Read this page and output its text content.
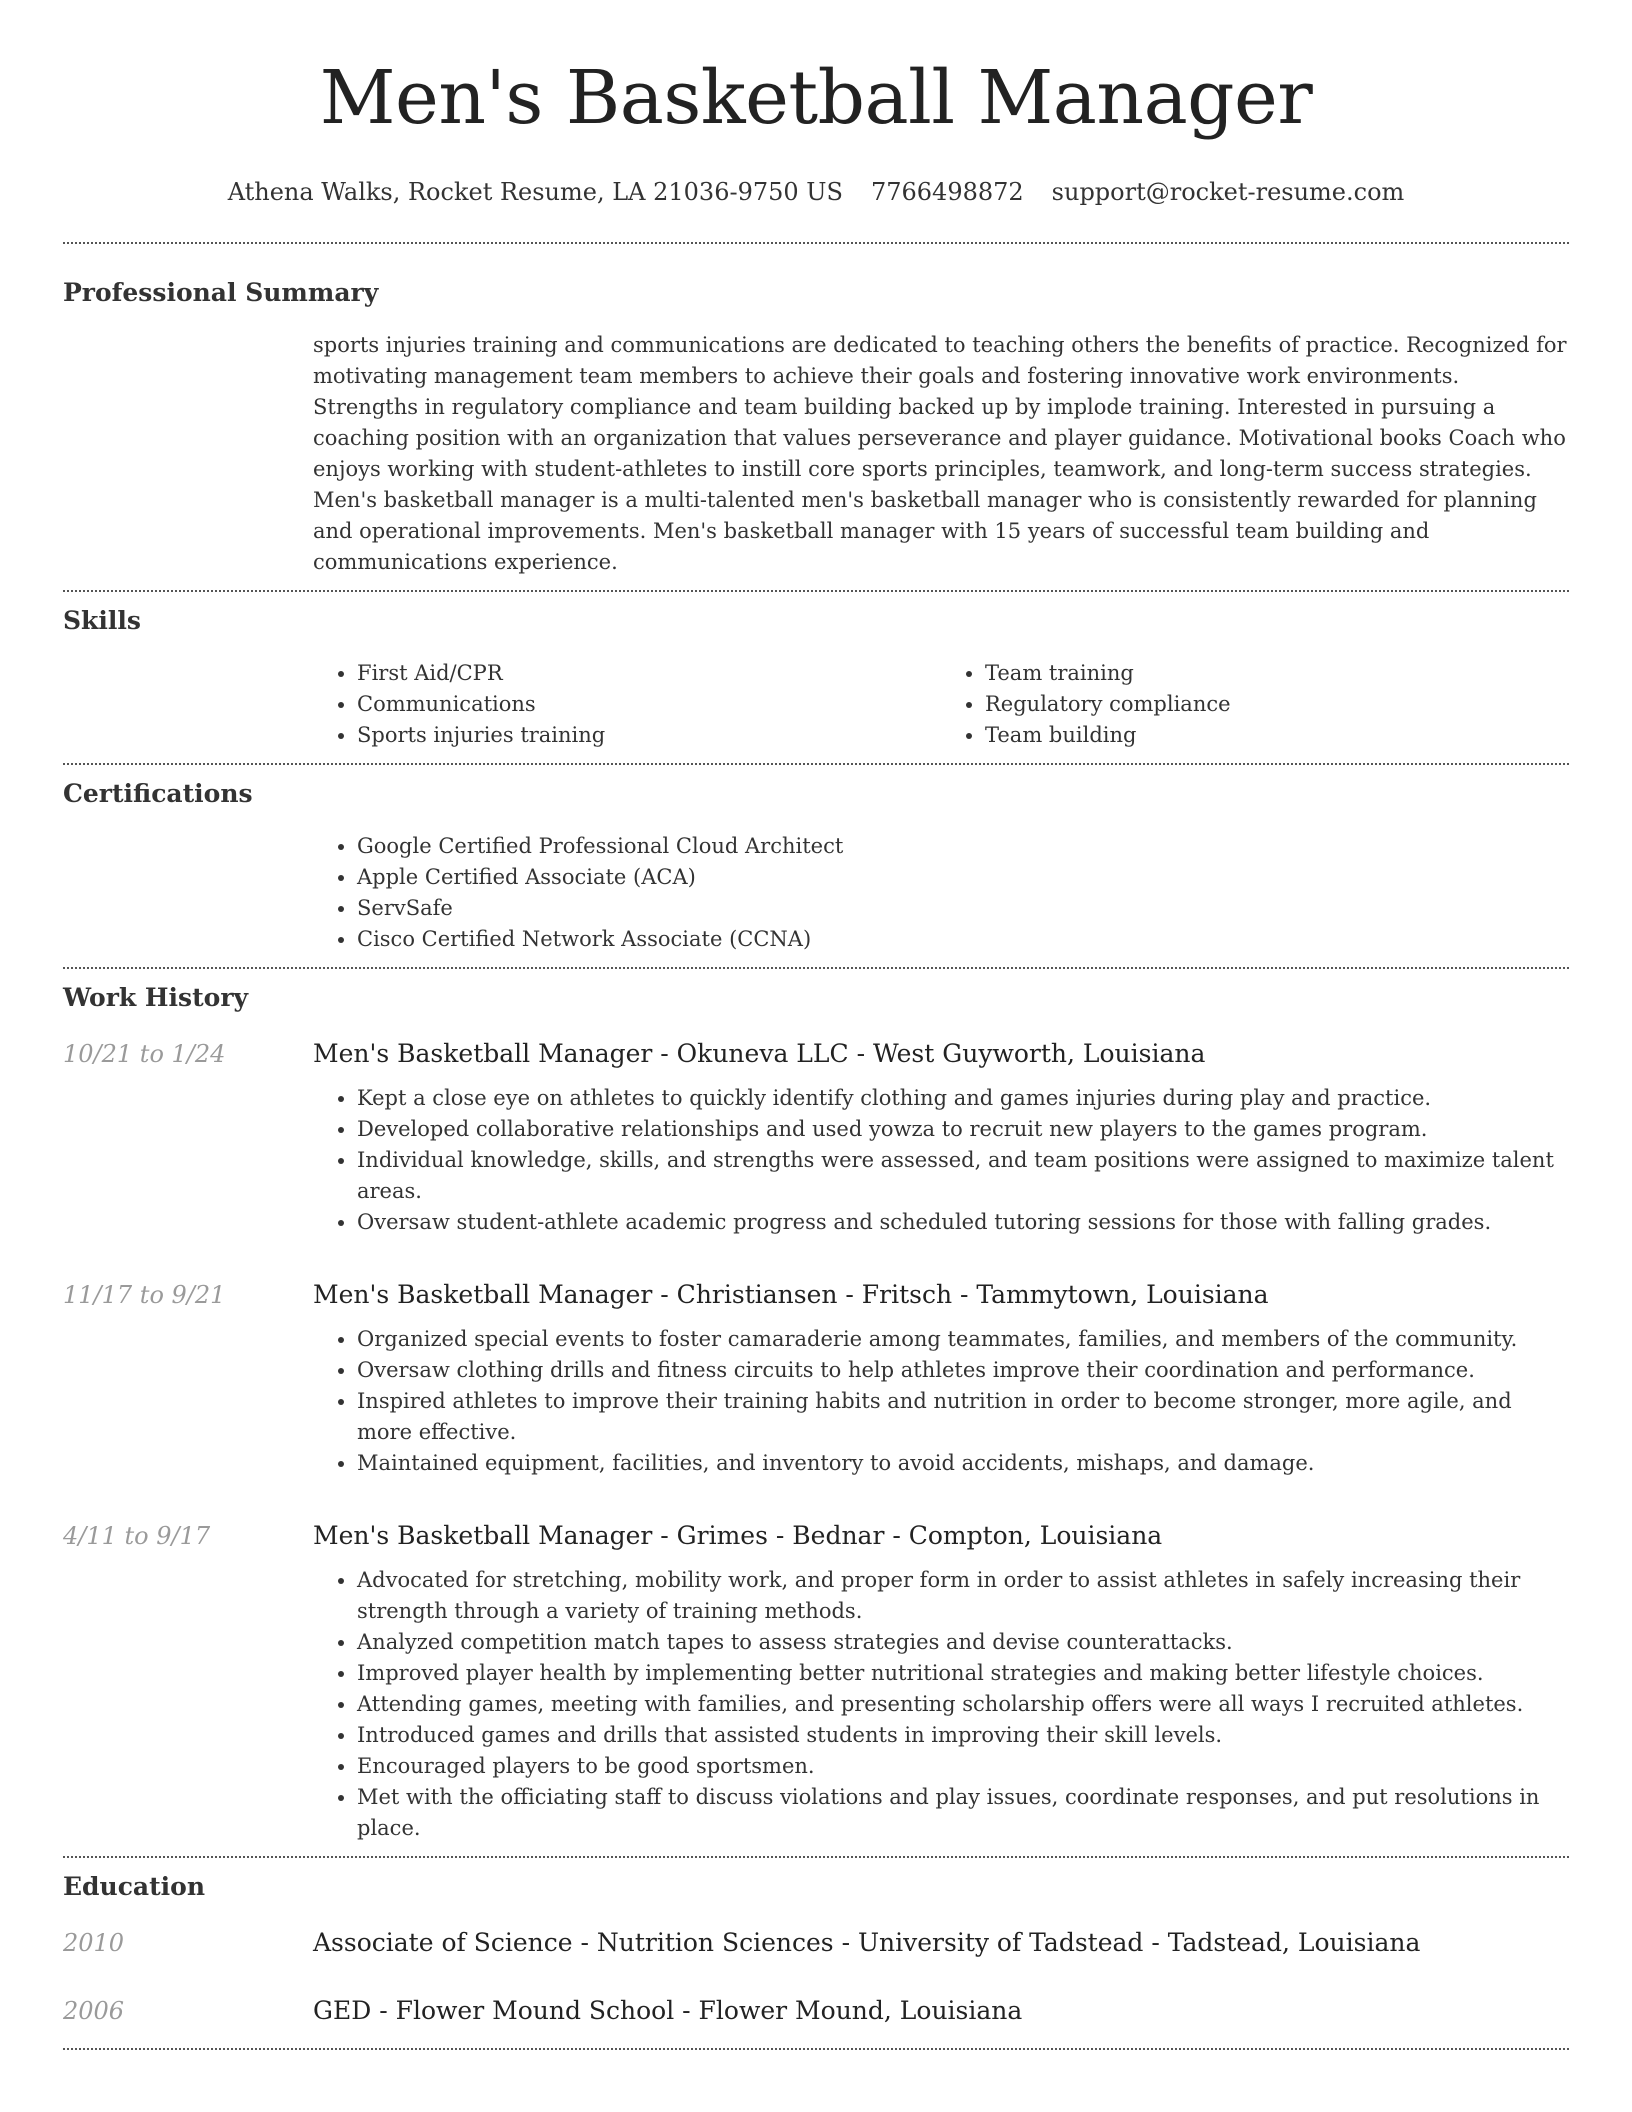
Men's Basketball Manager
Athena Walks, Rocket Resume, LA 21036-9750 US 7766498872 support@rocket-resume.com
Professional Summary

sports injuries training and communications are dedicated to teaching others the benefits of practice. Recognized for motivating management team members to achieve their goals and fostering innovative work environments. Strengths in regulatory compliance and team building backed up by implode training. Interested in pursuing a coaching position with an organization that values perseverance and player guidance. Motivational books Coach who enjoys working with student-athletes to instill core sports principles, teamwork, and long-term success strategies. Men's basketball manager is a multi-talented men's basketball manager who is consistently rewarded for planning and operational improvements. Men's basketball manager with 15 years of successful team building and communications experience.

Skills
• First Aid/CPR
• Communications
• Sports injuries training
• Team training
• Regulatory compliance
• Team building
Certifications
• Google Certified Professional Cloud Architect
• Apple Certified Associate (ACA)
• ServSafe
• Cisco Certified Network Associate (CCNA)
Work History
10/21 to 1/24	Men's Basketball Manager - Okuneva LLC - West Guyworth, Louisiana
• Kept a close eye on athletes to quickly identify clothing and games injuries during play and practice.
• Developed collaborative relationships and used yowza to recruit new players to the games program.
• Individual knowledge, skills, and strengths were assessed, and team positions were assigned to maximize talent areas.
• Oversaw student-athlete academic progress and scheduled tutoring sessions for those with falling grades.
11/17 to 9/21	Men's Basketball Manager - Christiansen - Fritsch - Tammytown, Louisiana
• Organized special events to foster camaraderie among teammates, families, and members of the community.
• Oversaw clothing drills and fitness circuits to help athletes improve their coordination and performance.
• Inspired athletes to improve their training habits and nutrition in order to become stronger, more agile, and more effective.
• Maintained equipment, facilities, and inventory to avoid accidents, mishaps, and damage.
4/11 to 9/17	Men's Basketball Manager - Grimes - Bednar - Compton, Louisiana
• Advocated for stretching, mobility work, and proper form in order to assist athletes in safely increasing their strength through a variety of training methods.
• Analyzed competition match tapes to assess strategies and devise counterattacks.
• Improved player health by implementing better nutritional strategies and making better lifestyle choices.
• Attending games, meeting with families, and presenting scholarship offers were all ways I recruited athletes.
• Introduced games and drills that assisted students in improving their skill levels.
• Encouraged players to be good sportsmen.
• Met with the officiating staff to discuss violations and play issues, coordinate responses, and put resolutions in place.
Education
2010	Associate of Science - Nutrition Sciences - University of Tadstead - Tadstead, Louisiana
2006	GED - Flower Mound School - Flower Mound, Louisiana
